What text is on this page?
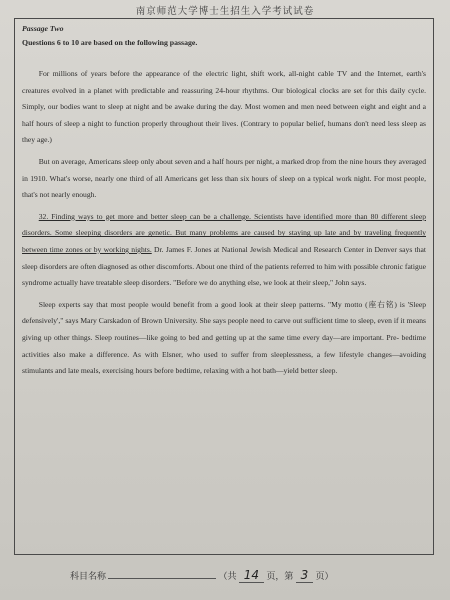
南京师范大学博士生招生入学考试试卷

Passage Two

Questions 6 to 10 are based on the following passage.

For millions of years before the appearance of the electric light, shift work, all-night cable TV and the Internet, earth's creatures evolved in a planet with predictable and reassuring 24-hour rhythms. Our biological clocks are set for this daily cycle. Simply, our bodies want to sleep at night and be awake during the day. Most women and men need between eight and eight and a half hours of sleep a night to function properly throughout their lives. (Contrary to popular belief, humans don't need less sleep as they age.)

But on average, Americans sleep only about seven and a half hours per night, a marked drop from the nine hours they averaged in 1910. What's worse, nearly one third of all Americans get less than six hours of sleep on a typical work night. For most people, that's not nearly enough.

32. Finding ways to get more and better sleep can be a challenge. Scientists have identified more than 80 different sleep disorders. Some sleeping disorders are genetic. But many problems are caused by staying up late and by traveling frequently between time zones or by working nights. Dr. James F. Jones at National Jewish Medical and Research Center in Denver says that sleep disorders are often diagnosed as other discomforts. About one third of the patients referred to him with possible chronic fatigue syndrome actually have treatable sleep disorders. "Before we do anything else, we look at their sleep," John says.

Sleep experts say that most people would benefit from a good look at their sleep patterns. "My motto (座右铭) is 'Sleep defensively'," says Mary Carskadon of Brown University. She says people need to carve out sufficient time to sleep, even if it means giving up other things. Sleep routines—like going to bed and getting up at the same time every day—are important. Pre- bedtime activities also make a difference. As with Elsner, who used to suffer from sleeplessness, a few lifestyle changes—avoiding stimulants and late meals, exercising hours before bedtime, relaxing with a hot bath—yield better sleep.

科目名称	（共 14 页，第 3 页）
